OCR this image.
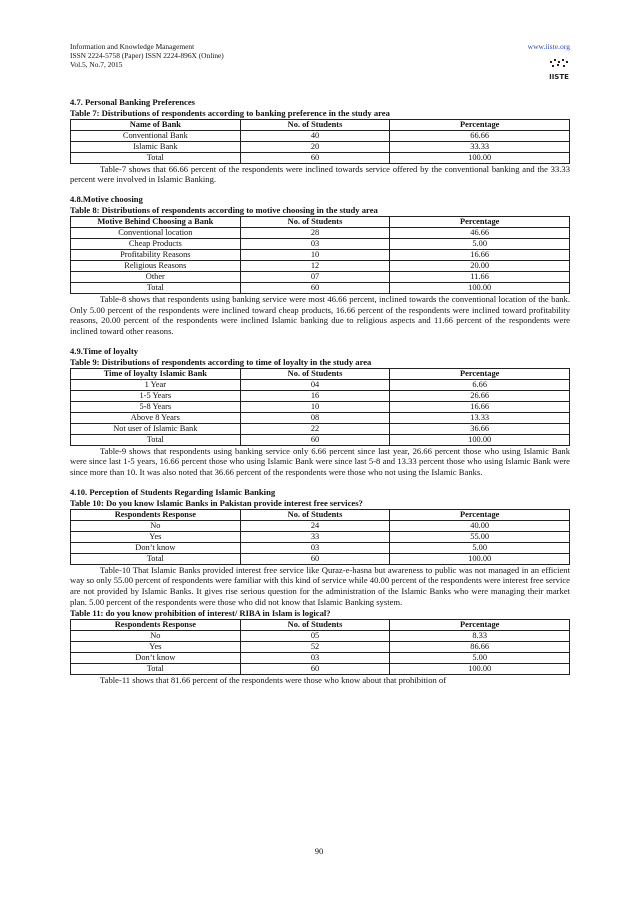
Information and Knowledge Management
ISSN 2224-5758 (Paper) ISSN 2224-896X (Online)
Vol.5, No.7, 2015
www.iiste.org
IISTE
4.7. Personal Banking Preferences
Table 7: Distributions of respondents according to banking preference in the study area
Name of Bank	No. of Students	Percentage
Conventional Bank	40	66.66
Islamic Bank	20	33.33
Total	60	100.00

Table-7 shows that 66.66 percent of the respondents were inclined towards service offered by the conventional banking and the 33.33 percent were involved in Islamic Banking.

4.8.Motive choosing
Table 8: Distributions of respondents according to motive choosing in the study area
Motive Behind Choosing a Bank	No. of Students	Percentage
Conventional location	28	46.66
Cheap Products	03	5.00
Profitability Reasons	10	16.66
Religious Reasons	12	20.00
Other	07	11.66
Total	60	100.00

Table-8 shows that respondents using banking service were most 46.66 percent, inclined towards the conventional location of the bank. Only 5.00 percent of the respondents were inclined toward cheap products, 16.66 percent of the respondents were inclined toward profitability reasons, 20.00 percent of the respondents were inclined Islamic banking due to religious aspects and 11.66 percent of the respondents were inclined toward other reasons.

4.9.Time of loyalty
Table 9: Distributions of respondents according to time of loyalty in the study area
Time of loyalty Islamic Bank	No. of Students	Percentage
1 Year	04	6.66
1-5 Years	16	26.66
5-8 Years	10	16.66
Above 8 Years	08	13.33
Not user of Islamic Bank	22	36.66
Total	60	100.00

Table-9 shows that respondents using banking service only 6.66 percent since last year, 26.66 percent those who using Islamic Bank were since last 1-5 years, 16.66 percent those who using Islamic Bank were since last 5-8 and 13.33 percent those who using Islamic Bank were since more than 10. It was also noted that 36.66 percent of the respondents were those who not using the Islamic Banks.

4.10. Perception of Students Regarding Islamic Banking
Table 10: Do you know Islamic Banks in Pakistan provide interest free services?
Respondents Response	No. of Students	Percentage
No	24	40.00
Yes	33	55.00
Don’t know	03	5.00
Total	60	100.00

Table-10 That Islamic Banks provided interest free service like Quraz-e-hasna but awareness to public was not managed in an efficient way so only 55.00 percent of respondents were familiar with this kind of service while 40.00 percent of the respondents were interest free service are not provided by Islamic Banks. It gives rise serious question for the administration of the Islamic Banks who were managing their market plan. 5.00 percent of the respondents were those who did not know that Islamic Banking system.

Table 11: do you know prohibition of interest/ RIBA in Islam is logical?
Respondents Response	No. of Students	Percentage
No	05	8.33
Yes	52	86.66
Don’t know	03	5.00
Total	60	100.00

Table-11 shows that 81.66 percent of the respondents were those who know about that prohibition of

90
